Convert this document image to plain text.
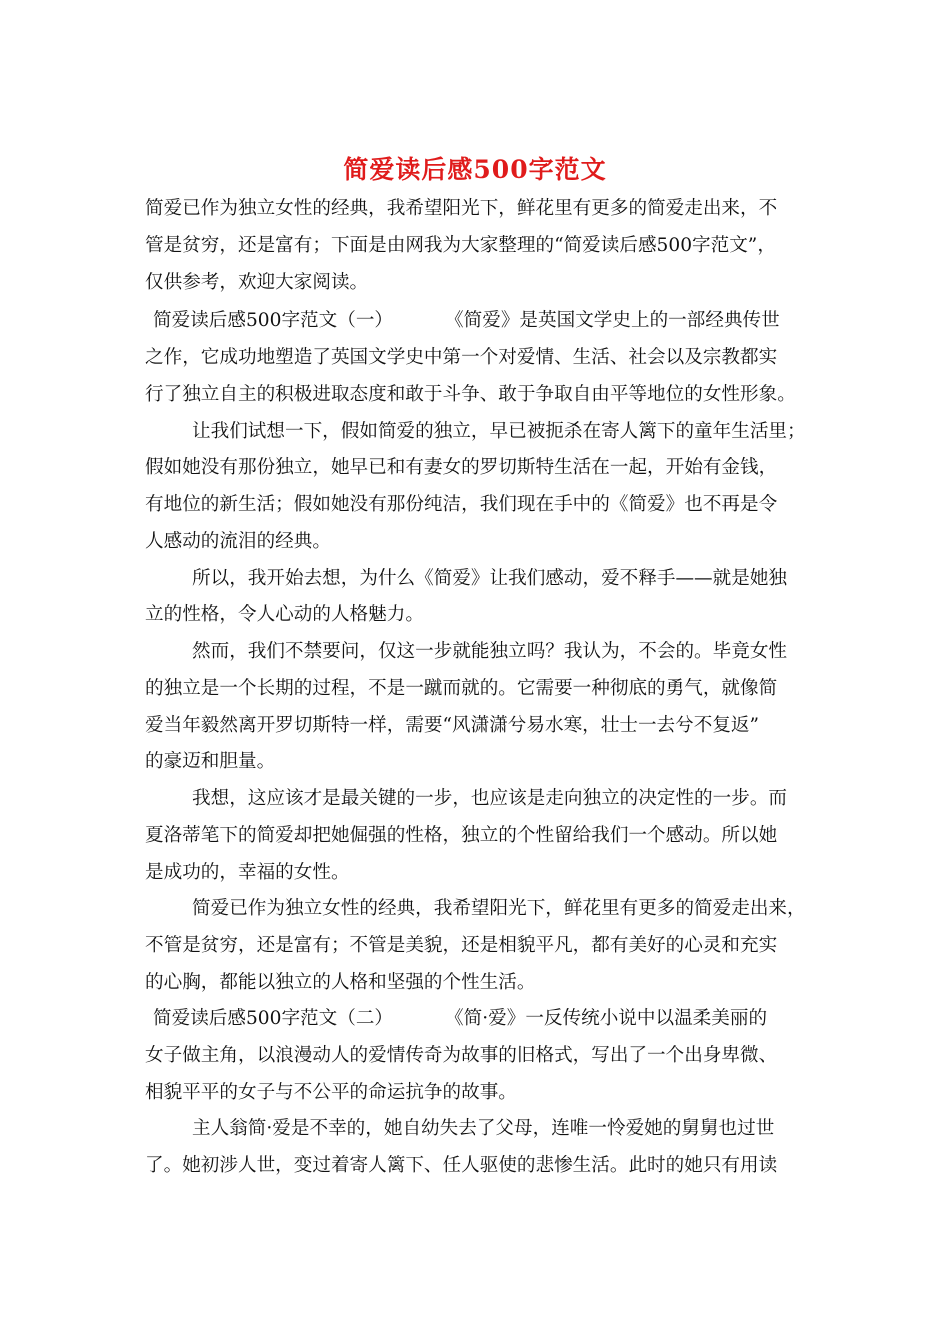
简爱读后感500字范文
简爱已作为独立女性的经典，我希望阳光下，鲜花里有更多的简爱走出来，不
管是贫穷，还是富有；下面是由网我为大家整理的“简爱读后感500字范文”，
仅供参考，欢迎大家阅读。
简爱读后感500字范文（一）	《简爱》是英国文学史上的一部经典传世
之作，它成功地塑造了英国文学史中第一个对爱情、生活、社会以及宗教都实
行了独立自主的积极进取态度和敢于斗争、敢于争取自由平等地位的女性形象。
让我们试想一下，假如简爱的独立，早已被扼杀在寄人篱下的童年生活里；
假如她没有那份独立，她早已和有妻女的罗切斯特生活在一起，开始有金钱，
有地位的新生活；假如她没有那份纯洁，我们现在手中的《简爱》也不再是令
人感动的流泪的经典。
所以，我开始去想，为什么《简爱》让我们感动，爱不释手——就是她独
立的性格，令人心动的人格魅力。
然而，我们不禁要问，仅这一步就能独立吗？我认为，不会的。毕竟女性
的独立是一个长期的过程，不是一蹴而就的。它需要一种彻底的勇气，就像简
爱当年毅然离开罗切斯特一样，需要“风潇潇兮易水寒，壮士一去兮不复返”
的豪迈和胆量。
我想，这应该才是最关键的一步，也应该是走向独立的决定性的一步。而
夏洛蒂笔下的简爱却把她倔强的性格，独立的个性留给我们一个感动。所以她
是成功的，幸福的女性。
简爱已作为独立女性的经典，我希望阳光下，鲜花里有更多的简爱走出来，
不管是贫穷，还是富有；不管是美貌，还是相貌平凡，都有美好的心灵和充实
的心胸，都能以独立的人格和坚强的个性生活。
简爱读后感500字范文（二）	《简·爱》一反传统小说中以温柔美丽的
女子做主角，以浪漫动人的爱情传奇为故事的旧格式，写出了一个出身卑微、
相貌平平的女子与不公平的命运抗争的故事。
主人翁简·爱是不幸的，她自幼失去了父母，连唯一怜爱她的舅舅也过世
了。她初涉人世，变过着寄人篱下、任人驱使的悲惨生活。此时的她只有用读
